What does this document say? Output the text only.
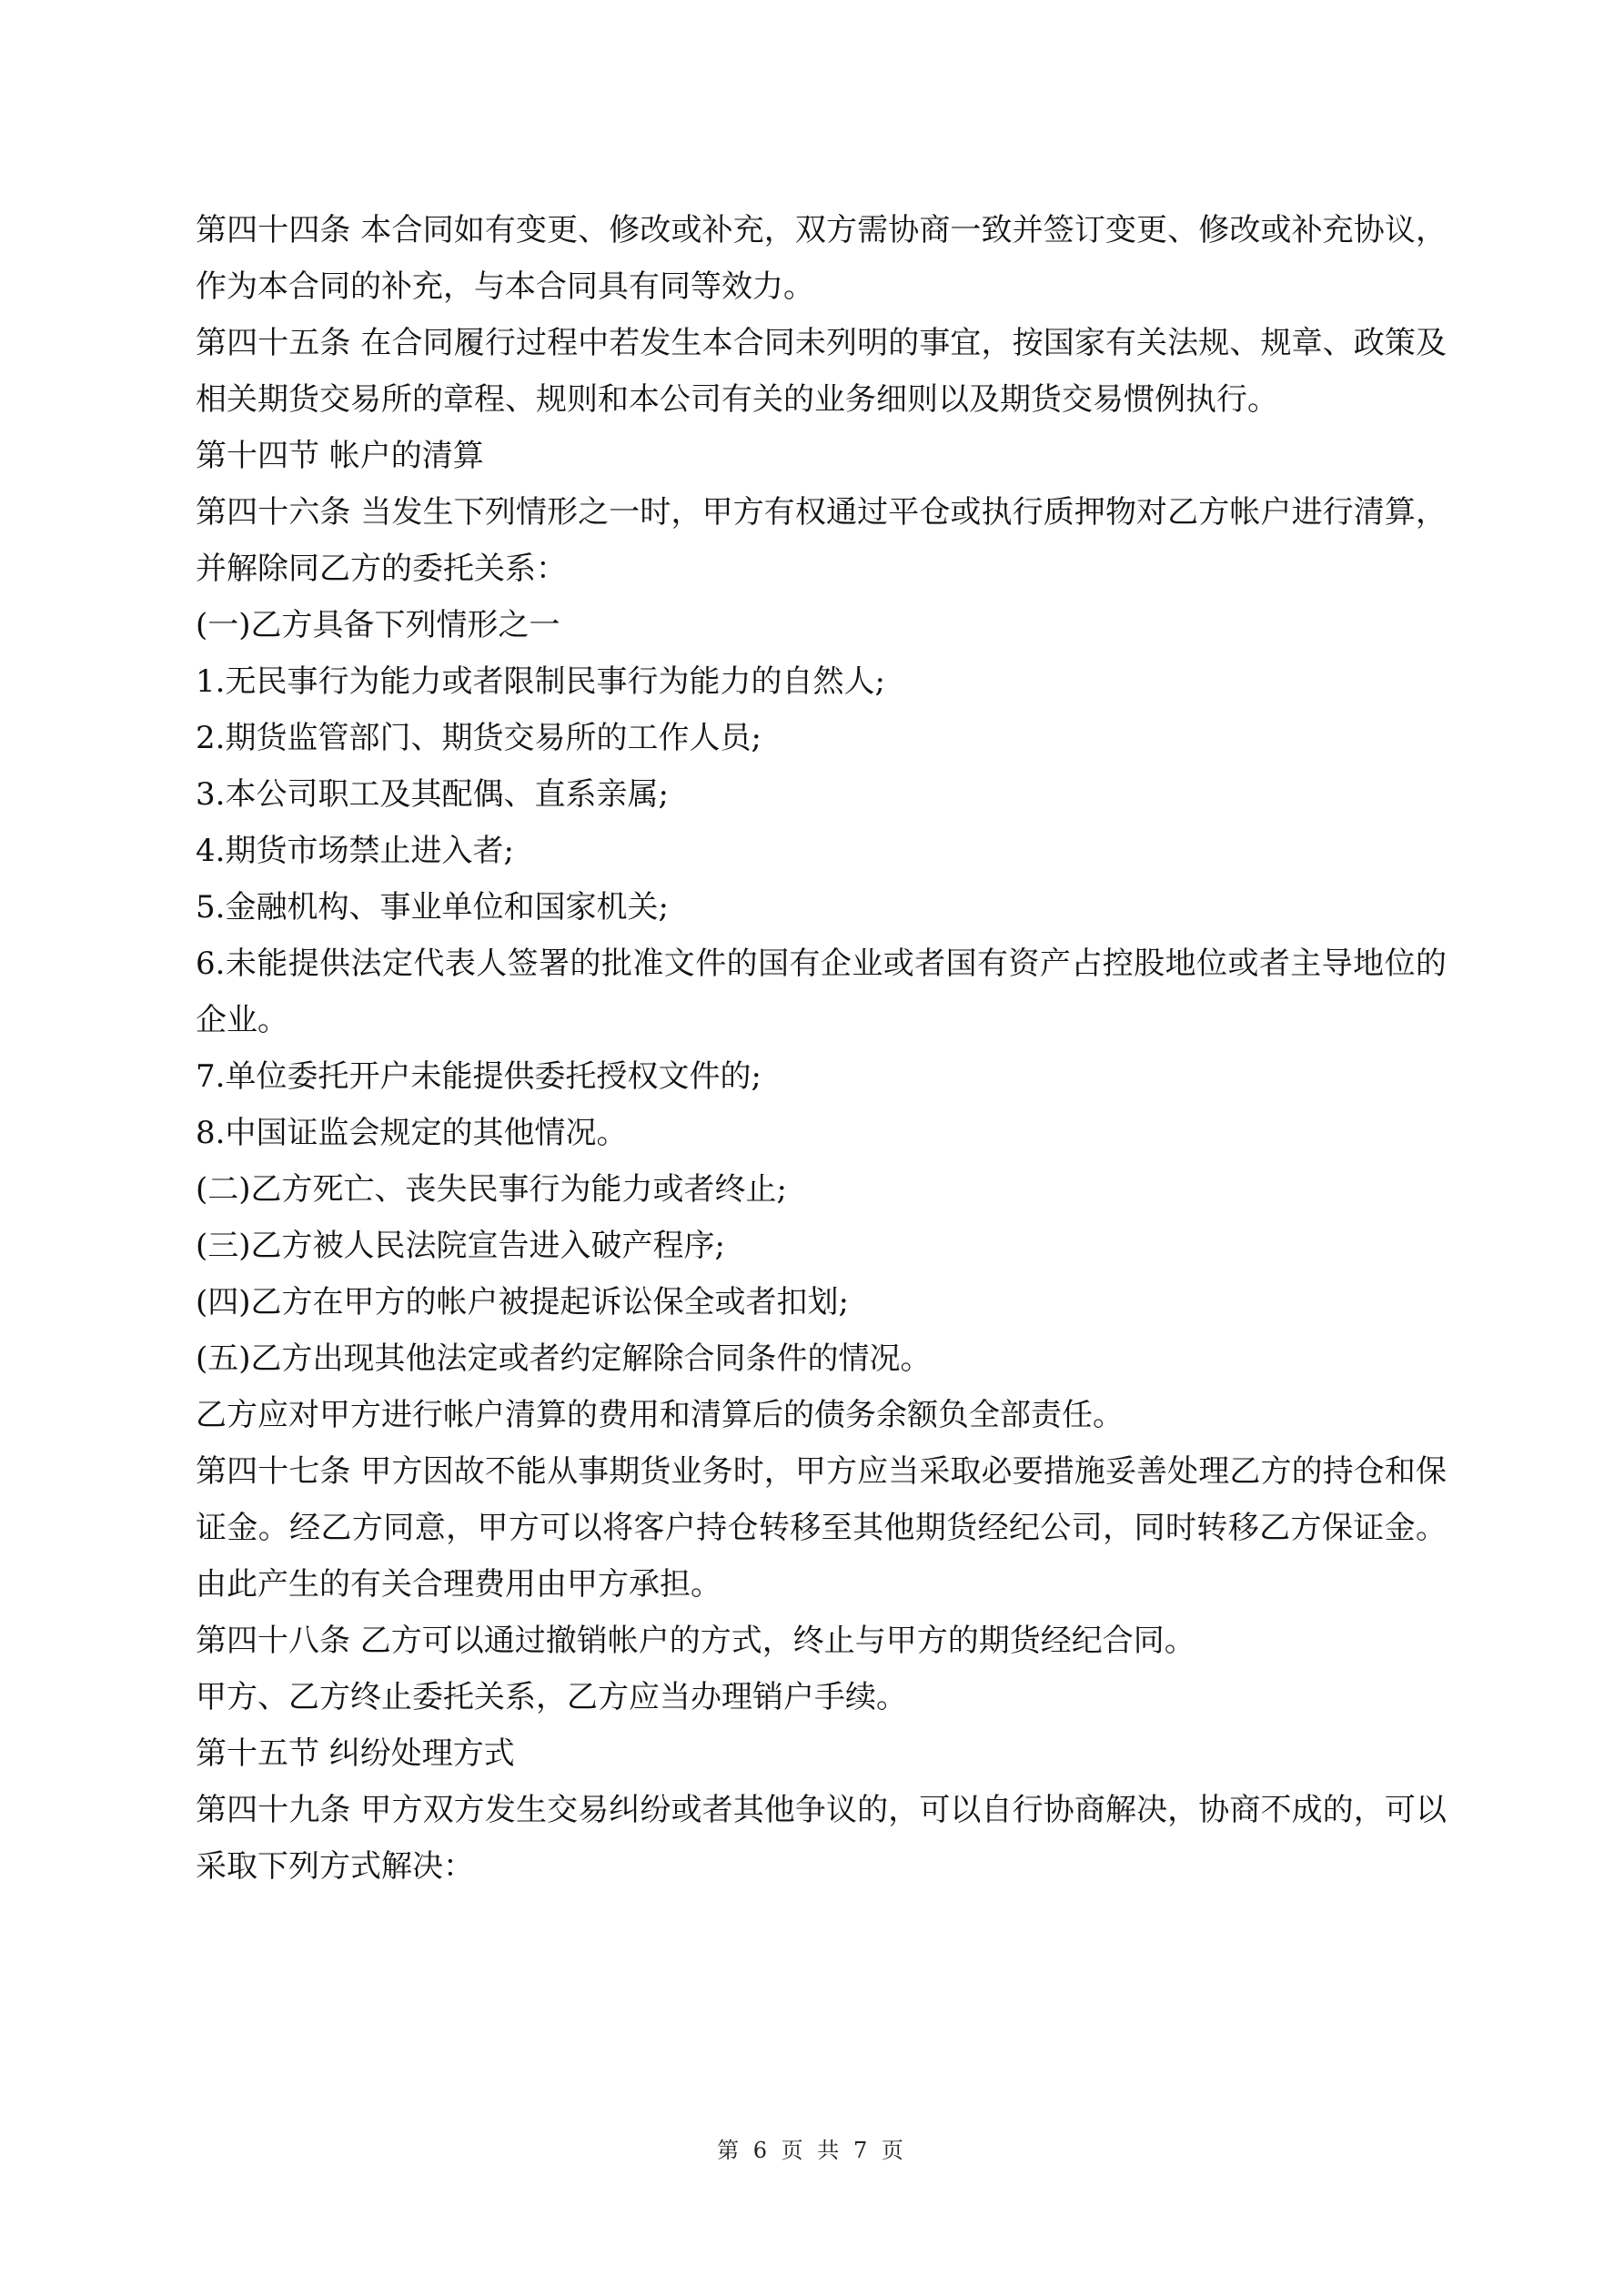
第四十四条 本合同如有变更、修改或补充，双方需协商一致并签订变更、修改或补充协议，作为本合同的补充，与本合同具有同等效力。

第四十五条 在合同履行过程中若发生本合同未列明的事宜，按国家有关法规、规章、政策及相关期货交易所的章程、规则和本公司有关的业务细则以及期货交易惯例执行。

第十四节 帐户的清算

第四十六条 当发生下列情形之一时，甲方有权通过平仓或执行质押物对乙方帐户进行清算，并解除同乙方的委托关系：

(一)乙方具备下列情形之一

1.无民事行为能力或者限制民事行为能力的自然人;

2.期货监管部门、期货交易所的工作人员;

3.本公司职工及其配偶、直系亲属;

4.期货市场禁止进入者;

5.金融机构、事业单位和国家机关;

6.未能提供法定代表人签署的批准文件的国有企业或者国有资产占控股地位或者主导地位的企业。

7.单位委托开户未能提供委托授权文件的;

8.中国证监会规定的其他情况。

(二)乙方死亡、丧失民事行为能力或者终止;

(三)乙方被人民法院宣告进入破产程序;

(四)乙方在甲方的帐户被提起诉讼保全或者扣划;

(五)乙方出现其他法定或者约定解除合同条件的情况。

乙方应对甲方进行帐户清算的费用和清算后的债务余额负全部责任。

第四十七条 甲方因故不能从事期货业务时，甲方应当采取必要措施妥善处理乙方的持仓和保证金。经乙方同意，甲方可以将客户持仓转移至其他期货经纪公司，同时转移乙方保证金。由此产生的有关合理费用由甲方承担。

第四十八条 乙方可以通过撤销帐户的方式，终止与甲方的期货经纪合同。

甲方、乙方终止委托关系，乙方应当办理销户手续。

第十五节 纠纷处理方式

第四十九条 甲方双方发生交易纠纷或者其他争议的，可以自行协商解决，协商不成的，可以采取下列方式解决：

第 6 页 共 7 页
